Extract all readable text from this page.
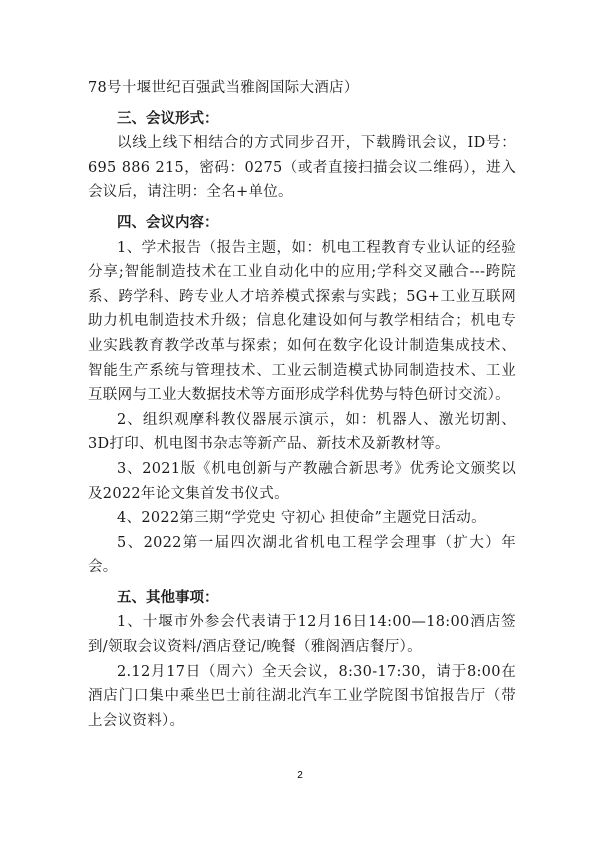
78号十堰世纪百强武当雅阁国际大酒店）

三、会议形式：

以线上线下相结合的方式同步召开，下载腾讯会议，ID号：695 886 215，密码：0275（或者直接扫描会议二维码），进入会议后，请注明：全名+单位。

四、会议内容：

1、学术报告（报告主题，如：机电工程教育专业认证的经验分享;智能制造技术在工业自动化中的应用;学科交叉融合---跨院系、跨学科、跨专业人才培养模式探索与实践；5G+工业互联网助力机电制造技术升级；信息化建设如何与教学相结合；机电专业实践教育教学改革与探索；如何在数字化设计制造集成技术、智能生产系统与管理技术、工业云制造模式协同制造技术、工业互联网与工业大数据技术等方面形成学科优势与特色研讨交流）。

2、组织观摩科教仪器展示演示，如：机器人、激光切割、3D打印、机电图书杂志等新产品、新技术及新教材等。

3、2021版《机电创新与产教融合新思考》优秀论文颁奖以及2022年论文集首发书仪式。

4、2022第三期“学党史 守初心 担使命”主题党日活动。

5、2022第一届四次湖北省机电工程学会理事（扩大）年会。

五、其他事项：

1、十堰市外参会代表请于12月16日14:00—18:00酒店签到/领取会议资料/酒店登记/晚餐（雅阁酒店餐厅）。

2.12月17日（周六）全天会议，8:30-17:30，请于8:00在酒店门口集中乘坐巴士前往湖北汽车工业学院图书馆报告厅（带上会议资料）。

2
